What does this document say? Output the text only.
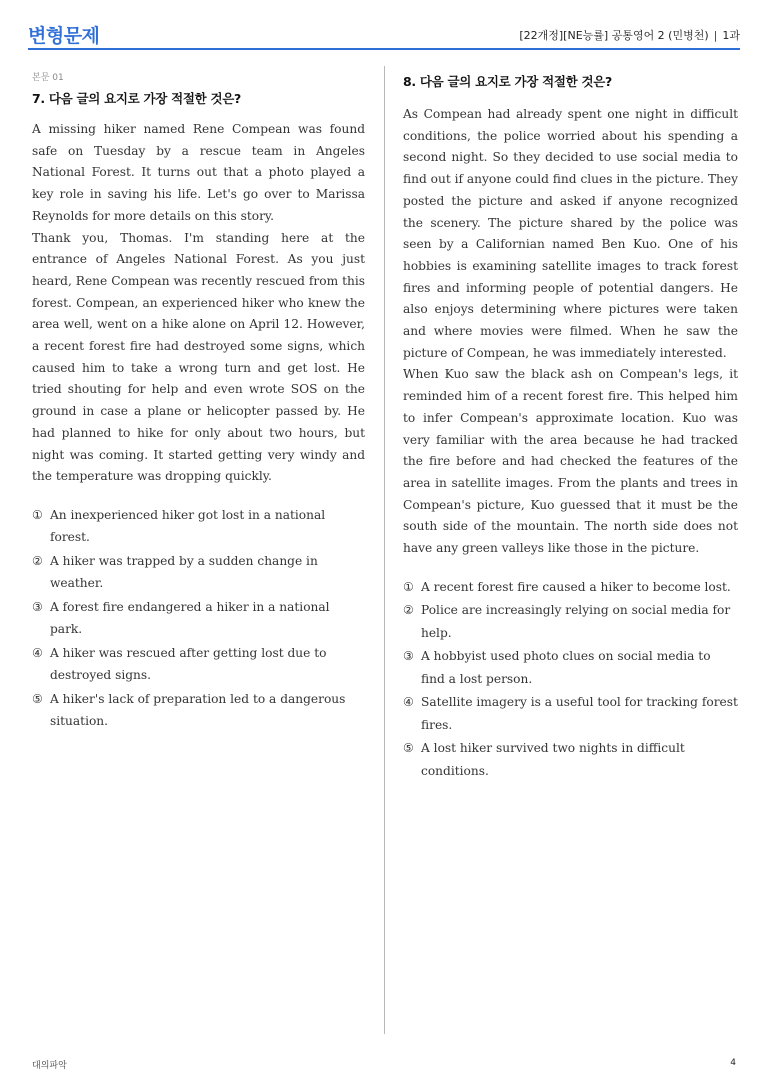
변형문제	[22개정][NE능률] 공통영어 2 (민병천) | 1과
본문 01
7. 다음 글의 요지로 가장 적절한 것은?

A missing hiker named Rene Compean was found safe on Tuesday by a rescue team in Angeles National Forest. It turns out that a photo played a key role in saving his life. Let's go over to Marissa Reynolds for more details on this story.

Thank you, Thomas. I'm standing here at the entrance of Angeles National Forest. As you just heard, Rene Compean was recently rescued from this forest. Compean, an experienced hiker who knew the area well, went on a hike alone on April 12. However, a recent forest fire had destroyed some signs, which caused him to take a wrong turn and get lost. He tried shouting for help and even wrote SOS on the ground in case a plane or helicopter passed by. He had planned to hike for only about two hours, but night was coming. It started getting very windy and the temperature was dropping quickly.

① An inexperienced hiker got lost in a national forest.
② A hiker was trapped by a sudden change in weather.
③ A forest fire endangered a hiker in a national park.
④ A hiker was rescued after getting lost due to destroyed signs.
⑤ A hiker's lack of preparation led to a dangerous situation.
8. 다음 글의 요지로 가장 적절한 것은?

As Compean had already spent one night in difficult conditions, the police worried about his spending a second night. So they decided to use social media to find out if anyone could find clues in the picture. They posted the picture and asked if anyone recognized the scenery. The picture shared by the police was seen by a Californian named Ben Kuo. One of his hobbies is examining satellite images to track forest fires and informing people of potential dangers. He also enjoys determining where pictures were taken and where movies were filmed. When he saw the picture of Compean, he was immediately interested.

When Kuo saw the black ash on Compean's legs, it reminded him of a recent forest fire. This helped him to infer Compean's approximate location. Kuo was very familiar with the area because he had tracked the fire before and had checked the features of the area in satellite images. From the plants and trees in Compean's picture, Kuo guessed that it must be the south side of the mountain. The north side does not have any green valleys like those in the picture.

① A recent forest fire caused a hiker to become lost.
② Police are increasingly relying on social media for help.
③ A hobbyist used photo clues on social media to find a lost person.
④ Satellite imagery is a useful tool for tracking forest fires.
⑤ A lost hiker survived two nights in difficult conditions.
대의파악	4
